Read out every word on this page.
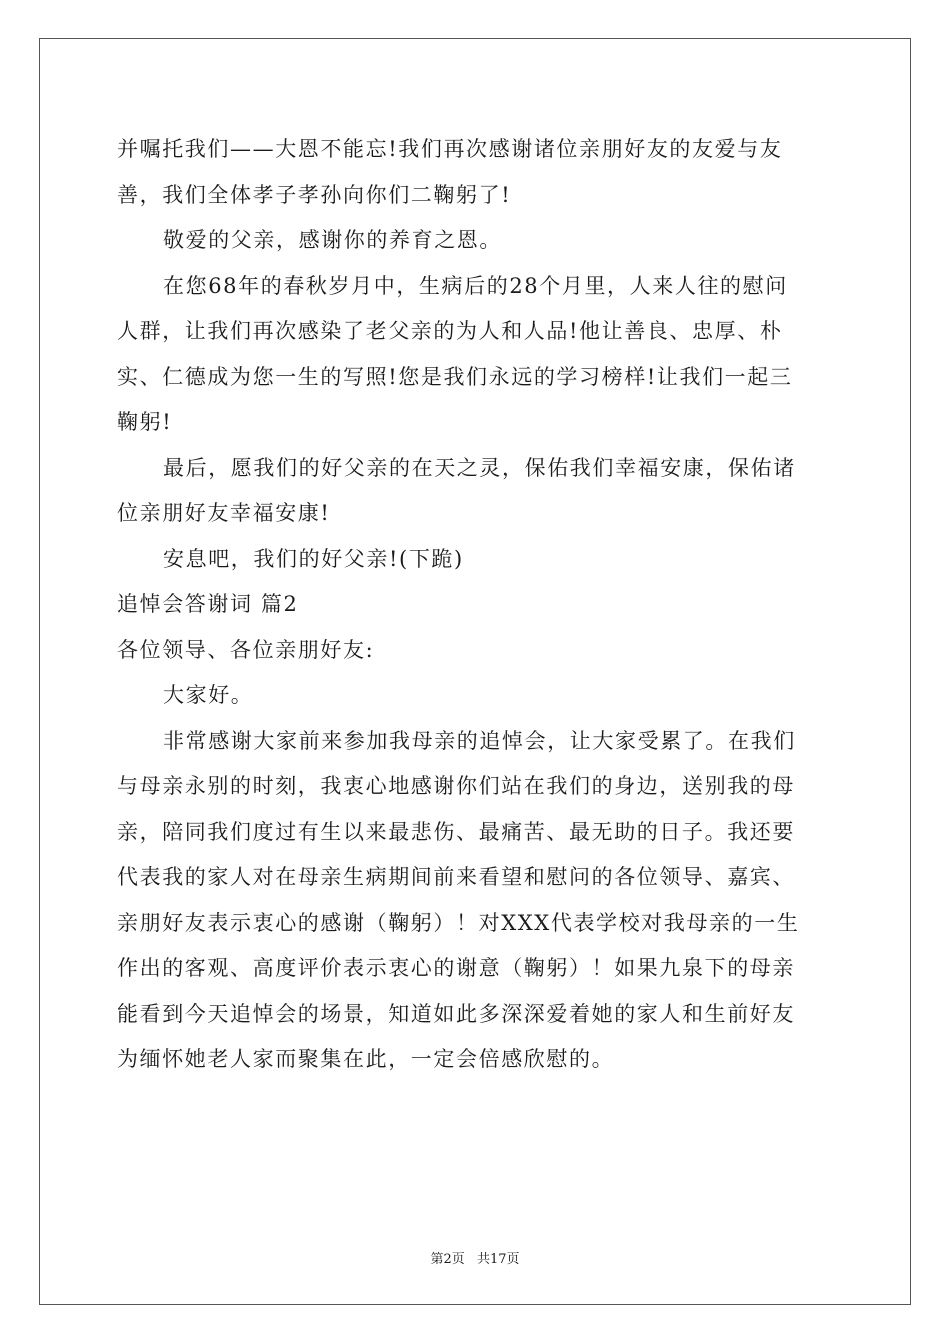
并嘱托我们——大恩不能忘!我们再次感谢诸位亲朋好友的友爱与友
善，我们全体孝子孝孙向你们二鞠躬了!
敬爱的父亲，感谢你的养育之恩。
在您68年的春秋岁月中，生病后的28个月里，人来人往的慰问
人群，让我们再次感染了老父亲的为人和人品!他让善良、忠厚、朴
实、仁德成为您一生的写照!您是我们永远的学习榜样!让我们一起三
鞠躬!
最后，愿我们的好父亲的在天之灵，保佑我们幸福安康，保佑诸
位亲朋好友幸福安康!
安息吧，我们的好父亲!(下跪)
追悼会答谢词 篇2
各位领导、各位亲朋好友:
大家好。
非常感谢大家前来参加我母亲的追悼会，让大家受累了。在我们
与母亲永别的时刻，我衷心地感谢你们站在我们的身边，送别我的母
亲，陪同我们度过有生以来最悲伤、最痛苦、最无助的日子。我还要
代表我的家人对在母亲生病期间前来看望和慰问的各位领导、嘉宾、
亲朋好友表示衷心的感谢（鞠躬）！对XXX代表学校对我母亲的一生
作出的客观、高度评价表示衷心的谢意（鞠躬）！如果九泉下的母亲
能看到今天追悼会的场景，知道如此多深深爱着她的家人和生前好友
为缅怀她老人家而聚集在此，一定会倍感欣慰的。
第2页 共17页
